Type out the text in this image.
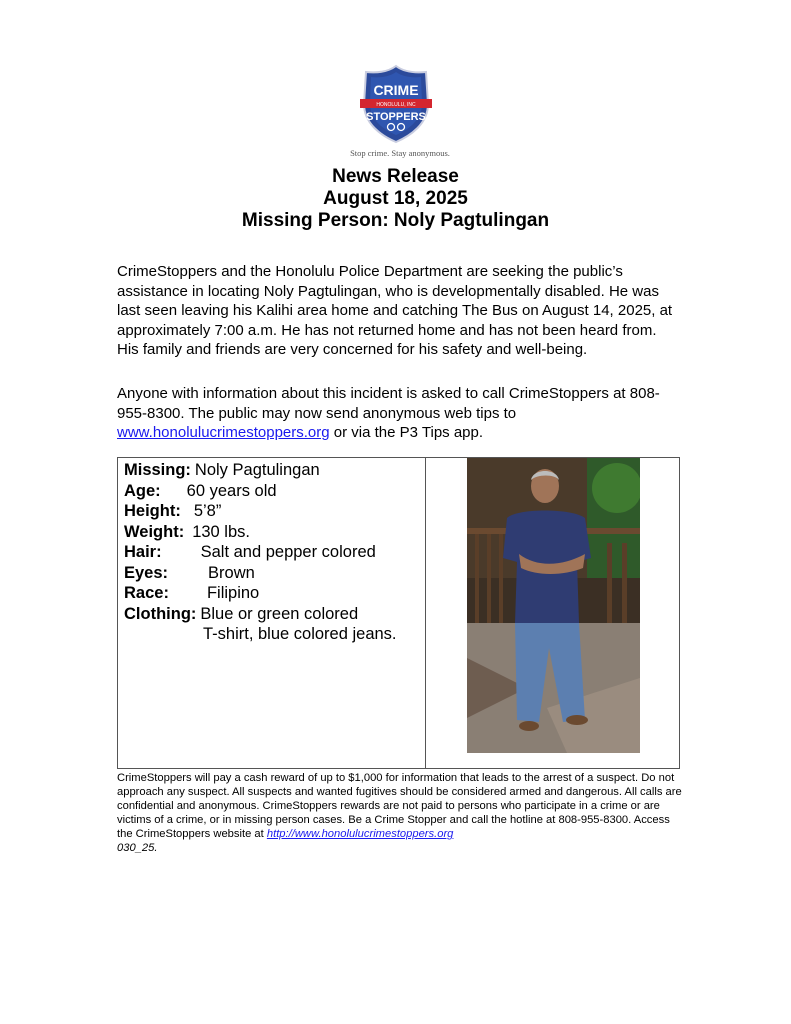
CRIME
HONOLULU, INC
STOPPERS
Stop crime. Stay anonymous.
News Release
August 18, 2025
Missing Person: Noly Pagtulingan
CrimeStoppers and the Honolulu Police Department are seeking the public’s assistance in locating Noly Pagtulingan, who is developmentally disabled. He was last seen leaving his Kalihi area home and catching The Bus on August 14, 2025, at approximately 7:00 a.m. He has not returned home and has not been heard from. His family and friends are very concerned for his safety and well-being.
Anyone with information about this incident is asked to call CrimeStoppers at 808-955-8300. The public may now send anonymous web tips to www.honolulucrimestoppers.org or via the P3 Tips app.
Missing: Noly Pagtulingan
Age: 60 years old
Height: 5’8”
Weight: 130 lbs.
Hair: Salt and pepper colored
Eyes: Brown
Race: Filipino
Clothing: Blue or green colored
T-shirt, blue colored jeans.
CrimeStoppers will pay a cash reward of up to $1,000 for information that leads to the arrest of a suspect. Do not approach any suspect. All suspects and wanted fugitives should be considered armed and dangerous. All calls are confidential and anonymous. CrimeStoppers rewards are not paid to persons who participate in a crime or are victims of a crime, or in missing person cases. Be a Crime Stopper and call the hotline at 808-955-8300. Access the CrimeStoppers website at http://www.honolulucrimestoppers.org
030_25.
